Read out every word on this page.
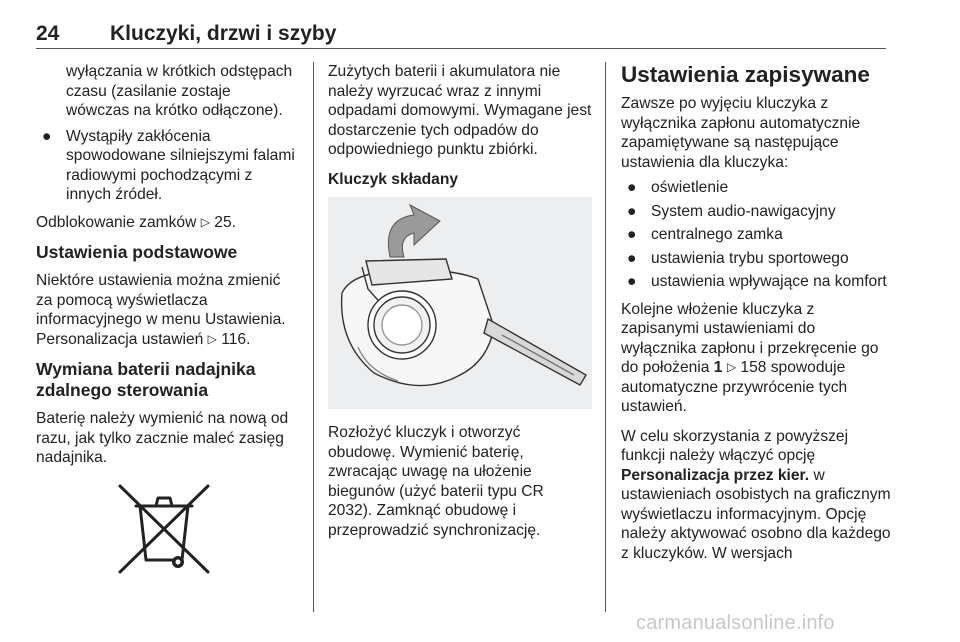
24 Kluczyki, drzwi i szyby
wyłączania w krótkich odstępach czasu (zasilanie zostaje wówczas na krótko odłączone).
● Wystąpiły zakłócenia spowodowane silniejszymi falami radiowymi pochodzącymi z innych źródeł.

Odblokowanie zamków ▷ 25.

Ustawienia podstawowe

Niektóre ustawienia można zmienić za pomocą wyświetlacza informacyjnego w menu Ustawienia. Personalizacja ustawień ▷ 116.

Wymiana baterii nadajnika zdalnego sterowania

Baterię należy wymienić na nową od razu, jak tylko zacznie maleć zasięg nadajnika.

Zużytych baterii i akumulatora nie należy wyrzucać wraz z innymi odpadami domowymi. Wymagane jest dostarczenie tych odpadów do odpowiedniego punktu zbiórki.

Kluczyk składany

Rozłożyć kluczyk i otworzyć obudowę. Wymienić baterię, zwracając uwagę na ułożenie biegunów (użyć baterii typu CR 2032). Zamknąć obudowę i przeprowadzić synchronizację.

Ustawienia zapisywane

Zawsze po wyjęciu kluczyka z wyłącznika zapłonu automatycznie zapamiętywane są następujące ustawienia dla kluczyka:

● oświetlenie
● System audio-nawigacyjny
● centralnego zamka
● ustawienia trybu sportowego
● ustawienia wpływające na komfort

Kolejne włożenie kluczyka z zapisanymi ustawieniami do wyłącznika zapłonu i przekręcenie go do położenia 1 ▷ 158 spowoduje automatyczne przywrócenie tych ustawień.

W celu skorzystania z powyższej funkcji należy włączyć opcję Personalizacja przez kier. w ustawieniach osobistych na graficznym wyświetlaczu informacyjnym. Opcję należy aktywować osobno dla każdego z kluczyków. W wersjach

carmanualsonline.info
